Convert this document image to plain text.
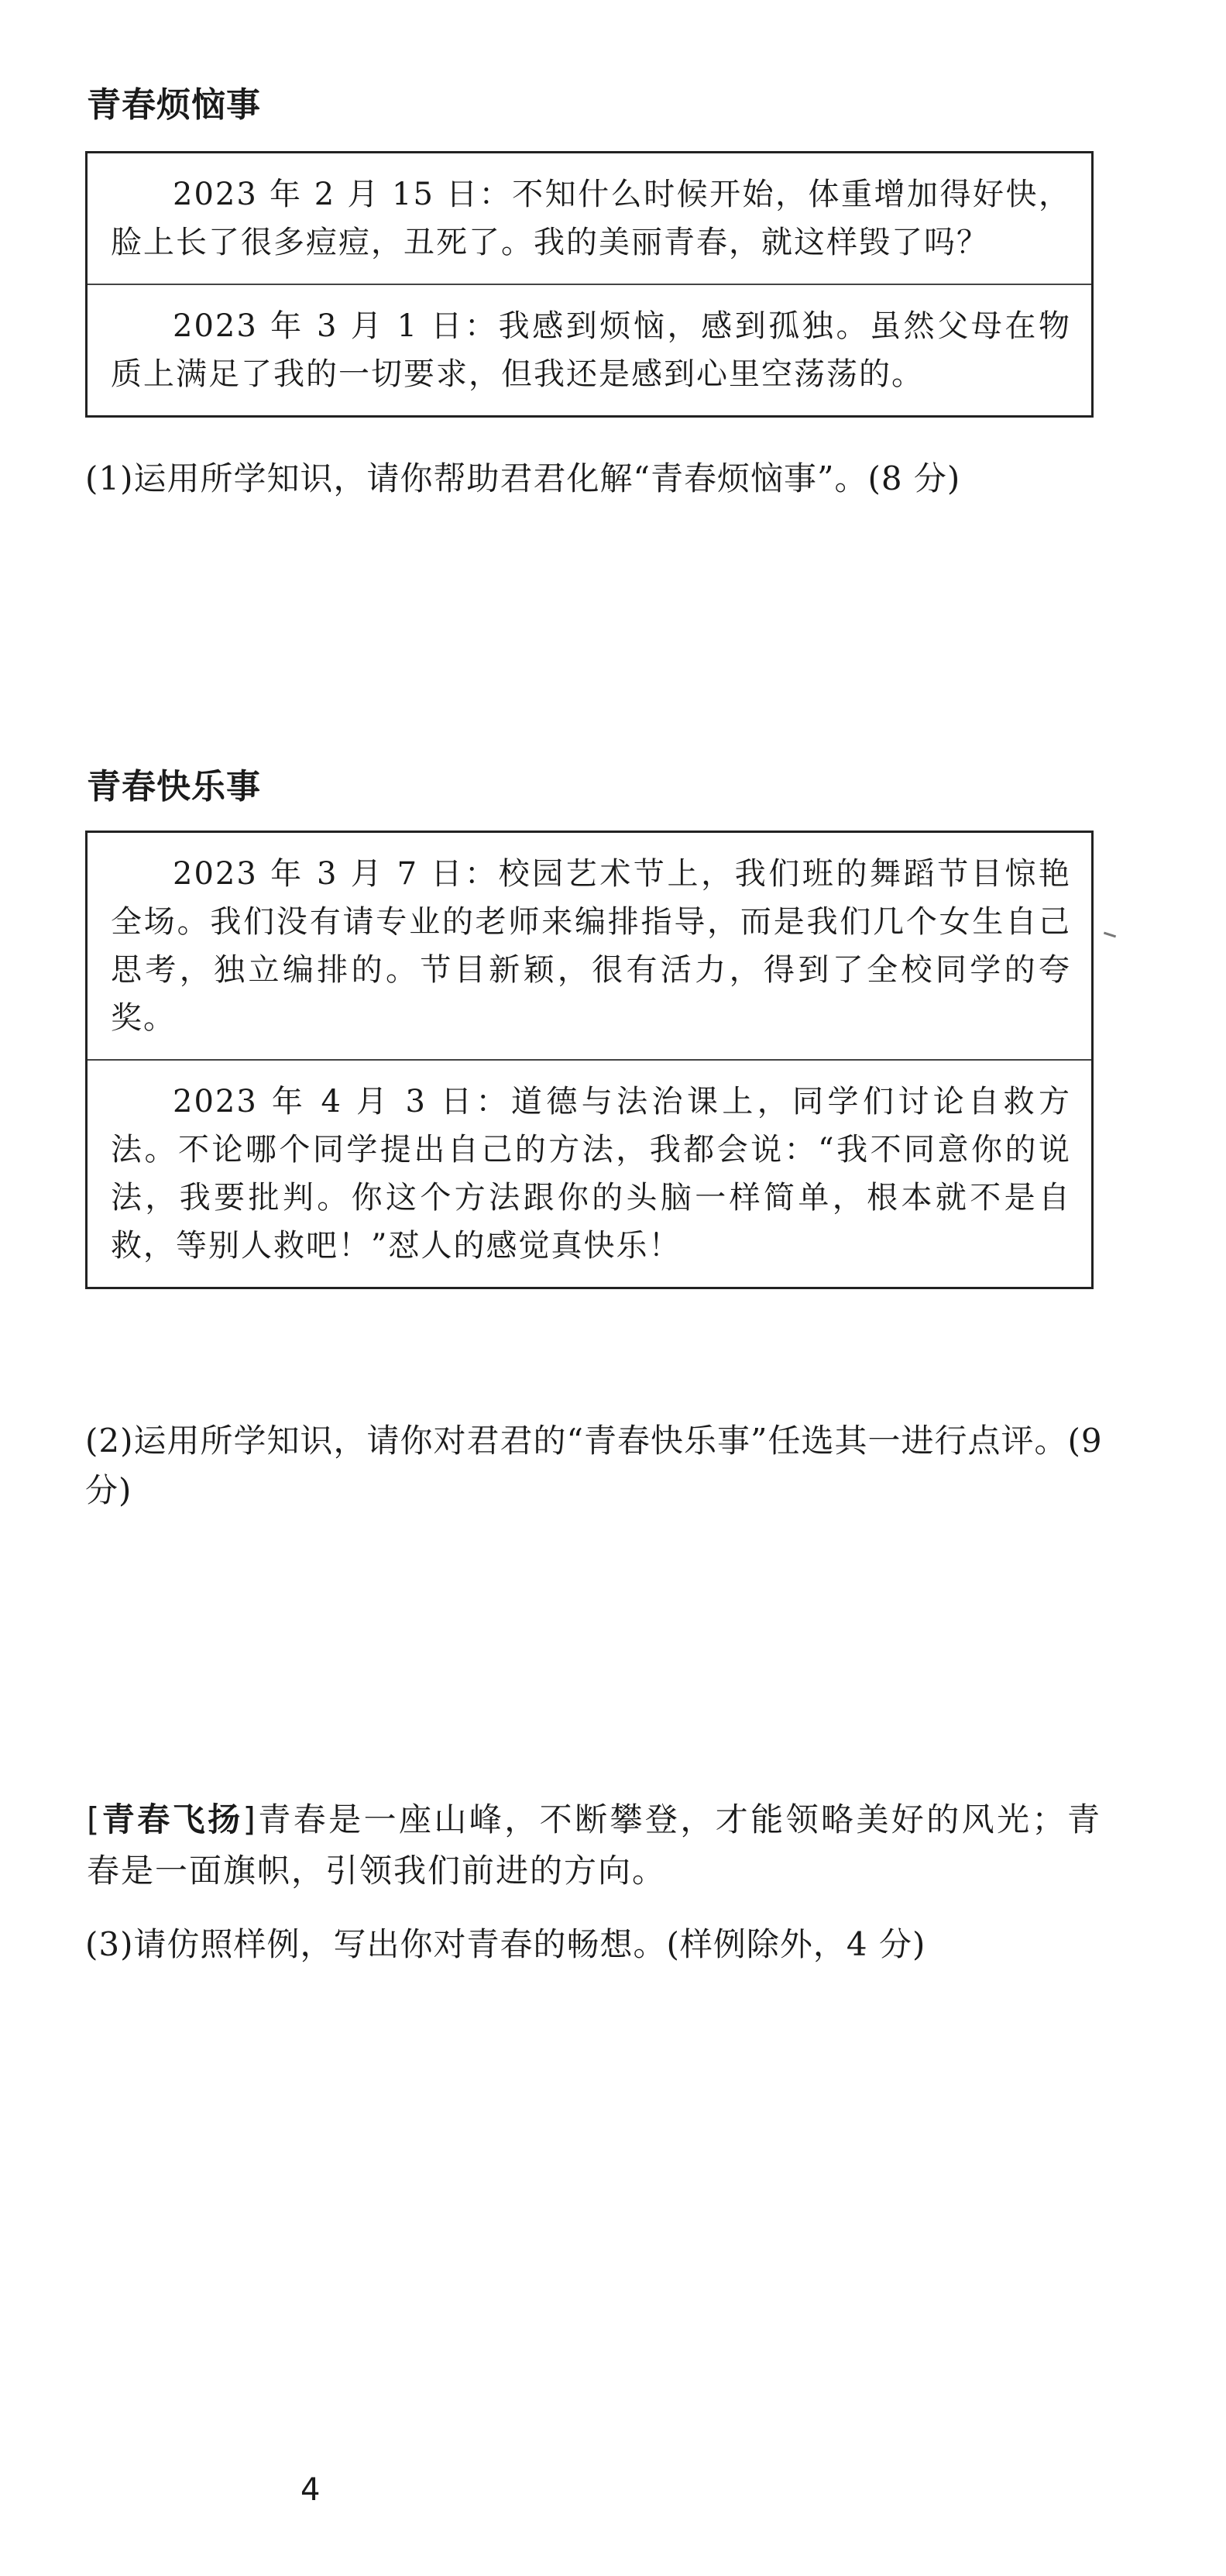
青春烦恼事
2023 年 2 月 15 日：不知什么时候开始，体重增加得好快，脸上长了很多痘痘，丑死了。我的美丽青春，就这样毁了吗？
2023 年 3 月 1 日：我感到烦恼，感到孤独。虽然父母在物质上满足了我的一切要求，但我还是感到心里空荡荡的。

(1)运用所学知识，请你帮助君君化解“青春烦恼事”。(8 分)

青春快乐事
2023 年 3 月 7 日：校园艺术节上，我们班的舞蹈节目惊艳全场。我们没有请专业的老师来编排指导，而是我们几个女生自己思考，独立编排的。节目新颖，很有活力，得到了全校同学的夸奖。
2023 年 4 月 3 日：道德与法治课上，同学们讨论自救方法。不论哪个同学提出自己的方法，我都会说：“我不同意你的说法，我要批判。你这个方法跟你的头脑一样简单，根本就不是自救，等别人救吧！”怼人的感觉真快乐！

(2)运用所学知识，请你对君君的“青春快乐事”任选其一进行点评。(9 分)

[青春飞扬]青春是一座山峰，不断攀登，才能领略美好的风光；青春是一面旗帜，引领我们前进的方向。

(3)请仿照样例，写出你对青春的畅想。(样例除外，4 分)

4
